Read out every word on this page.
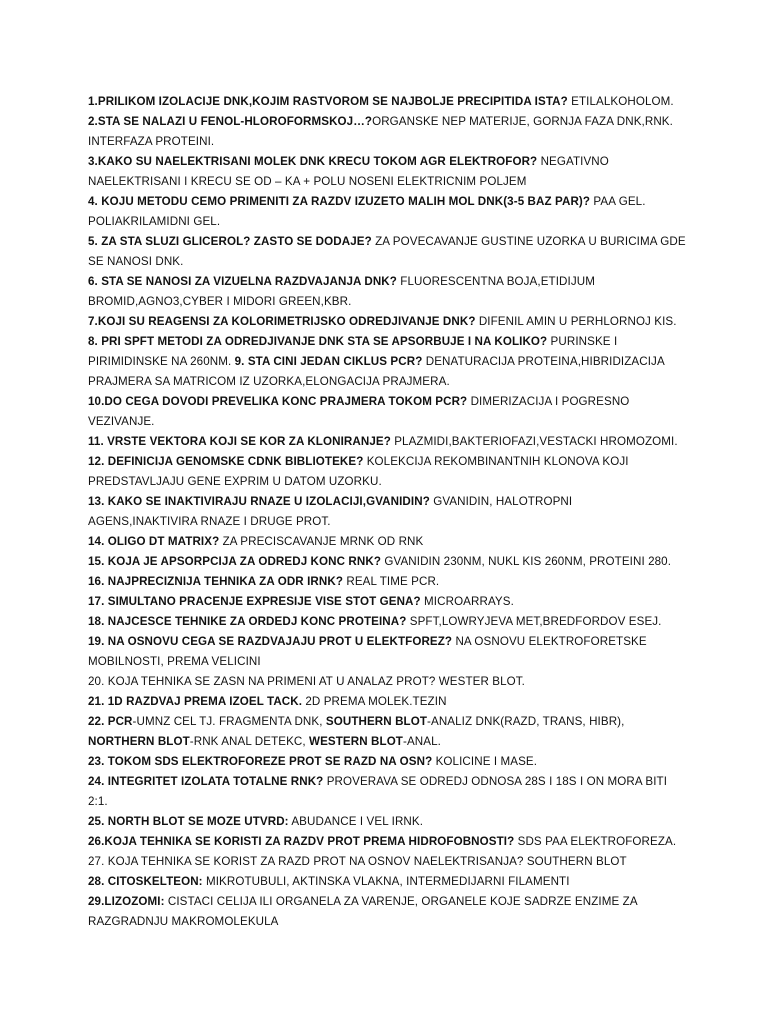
1.PRILIKOM IZOLACIJE DNK,KOJIM RASTVOROM SE NAJBOLJE PRECIPITIDA ISTA? ETILALKOHOLOM.
2.STA SE NALAZI U FENOL-HLOROFORMSKOJ…?ORGANSKE NEP MATERIJE, GORNJA FAZA DNK,RNK.
INTERFAZA PROTEINI.
3.KAKO SU NAELEKTRISANI MOLEK DNK KRECU TOKOM AGR ELEKTROFOR? NEGATIVNO
NAELEKTRISANI I KRECU SE OD – KA + POLU NOSENI ELEKTRICNIM POLJEM
4. KOJU METODU CEMO PRIMENITI ZA RAZDV IZUZETO MALIH MOL DNK(3-5 BAZ PAR)? PAA GEL.
POLIAKRILAMIDNI GEL.
5. ZA STA SLUZI GLICEROL? ZASTO SE DODAJE? ZA POVECAVANJE GUSTINE UZORKA U BURICIMA GDE
SE NANOSI DNK.
6. STA SE NANOSI ZA VIZUELNA RAZDVAJANJA DNK? FLUORESCENTNA BOJA,ETIDIJUM
BROMID,AGNO3,CYBER I MIDORI GREEN,KBR.
7.KOJI SU REAGENSI ZA KOLORIMETRIJSKO ODREDJIVANJE DNK? DIFENIL AMIN U PERHLORNOJ KIS.
8. PRI SPFT METODI ZA ODREDJIVANJE DNK STA SE APSORBUJE I NA KOLIKO? PURINSKE I
PIRIMIDINSKE NA 260NM. 9. STA CINI JEDAN CIKLUS PCR? DENATURACIJA PROTEINA,HIBRIDIZACIJA
PRAJMERA SA MATRICOM IZ UZORKA,ELONGACIJA PRAJMERA.
10.DO CEGA DOVODI PREVELIKA KONC PRAJMERA TOKOM PCR? DIMERIZACIJA I POGRESNO
VEZIVANJE.
11. VRSTE VEKTORA KOJI SE KOR ZA KLONIRANJE? PLAZMIDI,BAKTERIOFAZI,VESTACKI HROMOZOMI.
12. DEFINICIJA GENOMSKE CDNK BIBLIOTEKE? KOLEKCIJA REKOMBINANTNIH KLONOVA KOJI
PREDSTAVLJAJU GENE EXPRIM U DATOM UZORKU.
13. KAKO SE INAKTIVIRAJU RNAZE U IZOLACIJI,GVANIDIN? GVANIDIN, HALOTROPNI
AGENS,INAKTIVIRA RNAZE I DRUGE PROT.
14. OLIGO DT MATRIX? ZA PRECISCAVANJE MRNK OD RNK
15. KOJA JE APSORPCIJA ZA ODREDJ KONC RNK? GVANIDIN 230NM, NUKL KIS 260NM, PROTEINI 280.
16. NAJPRECIZNIJA TEHNIKA ZA ODR IRNK? REAL TIME PCR.
17. SIMULTANO PRACENJE EXPRESIJE VISE STOT GENA? MICROARRAYS.
18. NAJCESCE TEHNIKE ZA ORDEDJ KONC PROTEINA? SPFT,LOWRYJEVA MET,BREDFORDOV ESEJ.
19. NA OSNOVU CEGA SE RAZDVAJAJU PROT U ELEKTFOREZ? NA OSNOVU ELEKTROFORETSKE
MOBILNOSTI, PREMA VELICINI
20. KOJA TEHNIKA SE ZASN NA PRIMENI AT U ANALAZ PROT? WESTER BLOT.
21. 1D RAZDVAJ PREMA IZOEL TACK. 2D PREMA MOLEK.TEZIN
22. PCR-UMNZ CEL TJ. FRAGMENTA DNK, SOUTHERN BLOT-ANALIZ DNK(RAZD, TRANS, HIBR),
NORTHERN BLOT-RNK ANAL DETEKC, WESTERN BLOT-ANAL.
23. TOKOM SDS ELEKTROFOREZE PROT SE RAZD NA OSN? KOLICINE I MASE.
24. INTEGRITET IZOLATA TOTALNE RNK? PROVERAVA SE ODREDJ ODNOSA 28S I 18S I ON MORA BITI
2:1.
25. NORTH BLOT SE MOZE UTVRD: ABUDANCE I VEL IRNK.
26.KOJA TEHNIKA SE KORISTI ZA RAZDV PROT PREMA HIDROFOBNOSTI? SDS PAA ELEKTROFOREZA.
27. KOJA TEHNIKA SE KORIST ZA RAZD PROT NA OSNOV NAELEKTRISANJA? SOUTHERN BLOT
28. CITOSKELTEON: MIKROTUBULI, AKTINSKA VLAKNA, INTERMEDIJARNI FILAMENTI
29.LIZOZOMI: CISTACI CELIJA ILI ORGANELA ZA VARENJE, ORGANELE KOJE SADRZE ENZIME ZA
RAZGRADNJU MAKROMOLEKULA
